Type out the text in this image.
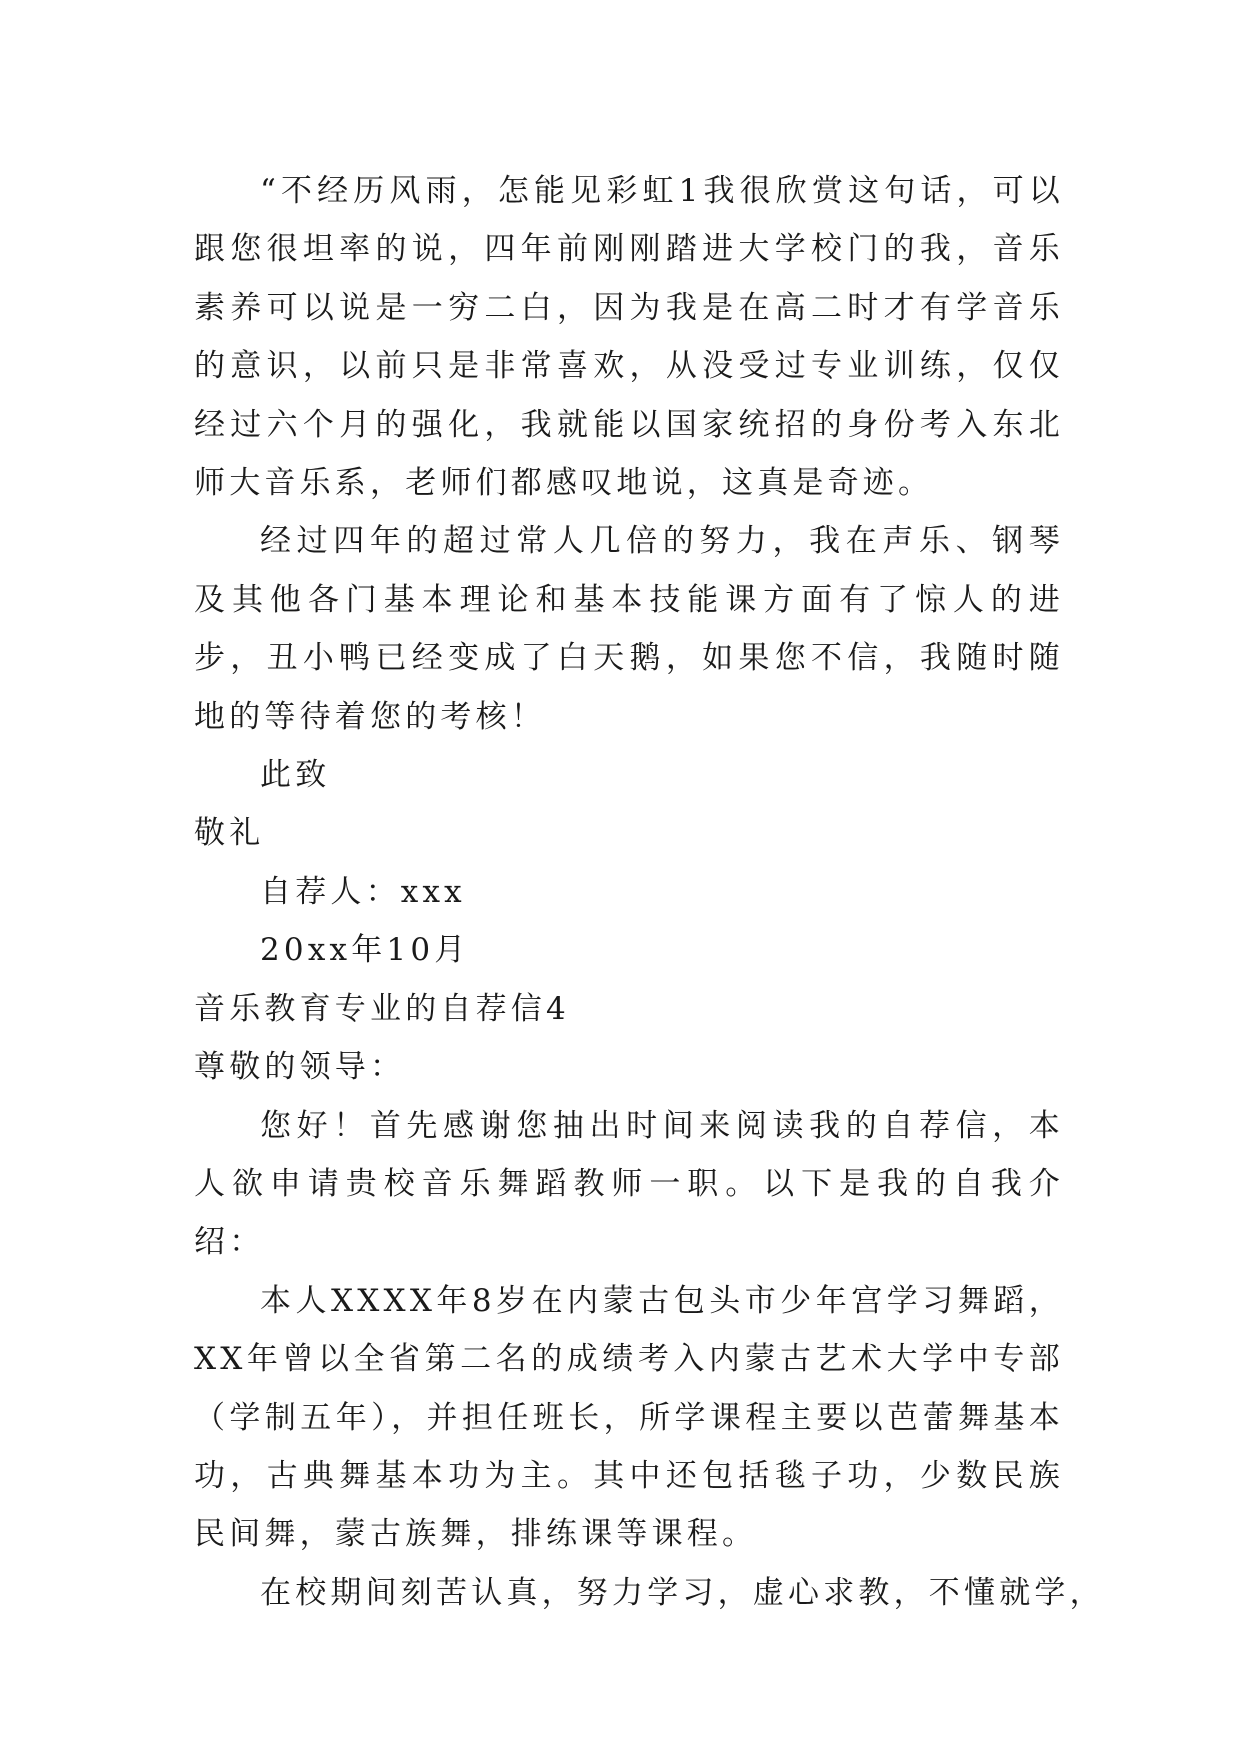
“不经历风雨，怎能见彩虹1我很欣赏这句话，可以跟您很坦率的说，四年前刚刚踏进大学校门的我，音乐素养可以说是一穷二白，因为我是在高二时才有学音乐的意识，以前只是非常喜欢，从没受过专业训练，仅仅经过六个月的强化，我就能以国家统招的身份考入东北师大音乐系，老师们都感叹地说，这真是奇迹。

经过四年的超过常人几倍的努力，我在声乐、钢琴及其他各门基本理论和基本技能课方面有了惊人的进步，丑小鸭已经变成了白天鹅，如果您不信，我随时随地的等待着您的考核！

此致

敬礼

自荐人：xxx

20xx年10月

音乐教育专业的自荐信4

尊敬的领导：

您好！首先感谢您抽出时间来阅读我的自荐信，本人欲申请贵校音乐舞蹈教师一职。以下是我的自我介绍：

本人XXXX年8岁在内蒙古包头市少年宫学习舞蹈，XX年曾以全省第二名的成绩考入内蒙古艺术大学中专部（学制五年），并担任班长，所学课程主要以芭蕾舞基本功，古典舞基本功为主。其中还包括毯子功，少数民族民间舞，蒙古族舞，排练课等课程。

在校期间刻苦认真，努力学习，虚心求教，不懂就学，
